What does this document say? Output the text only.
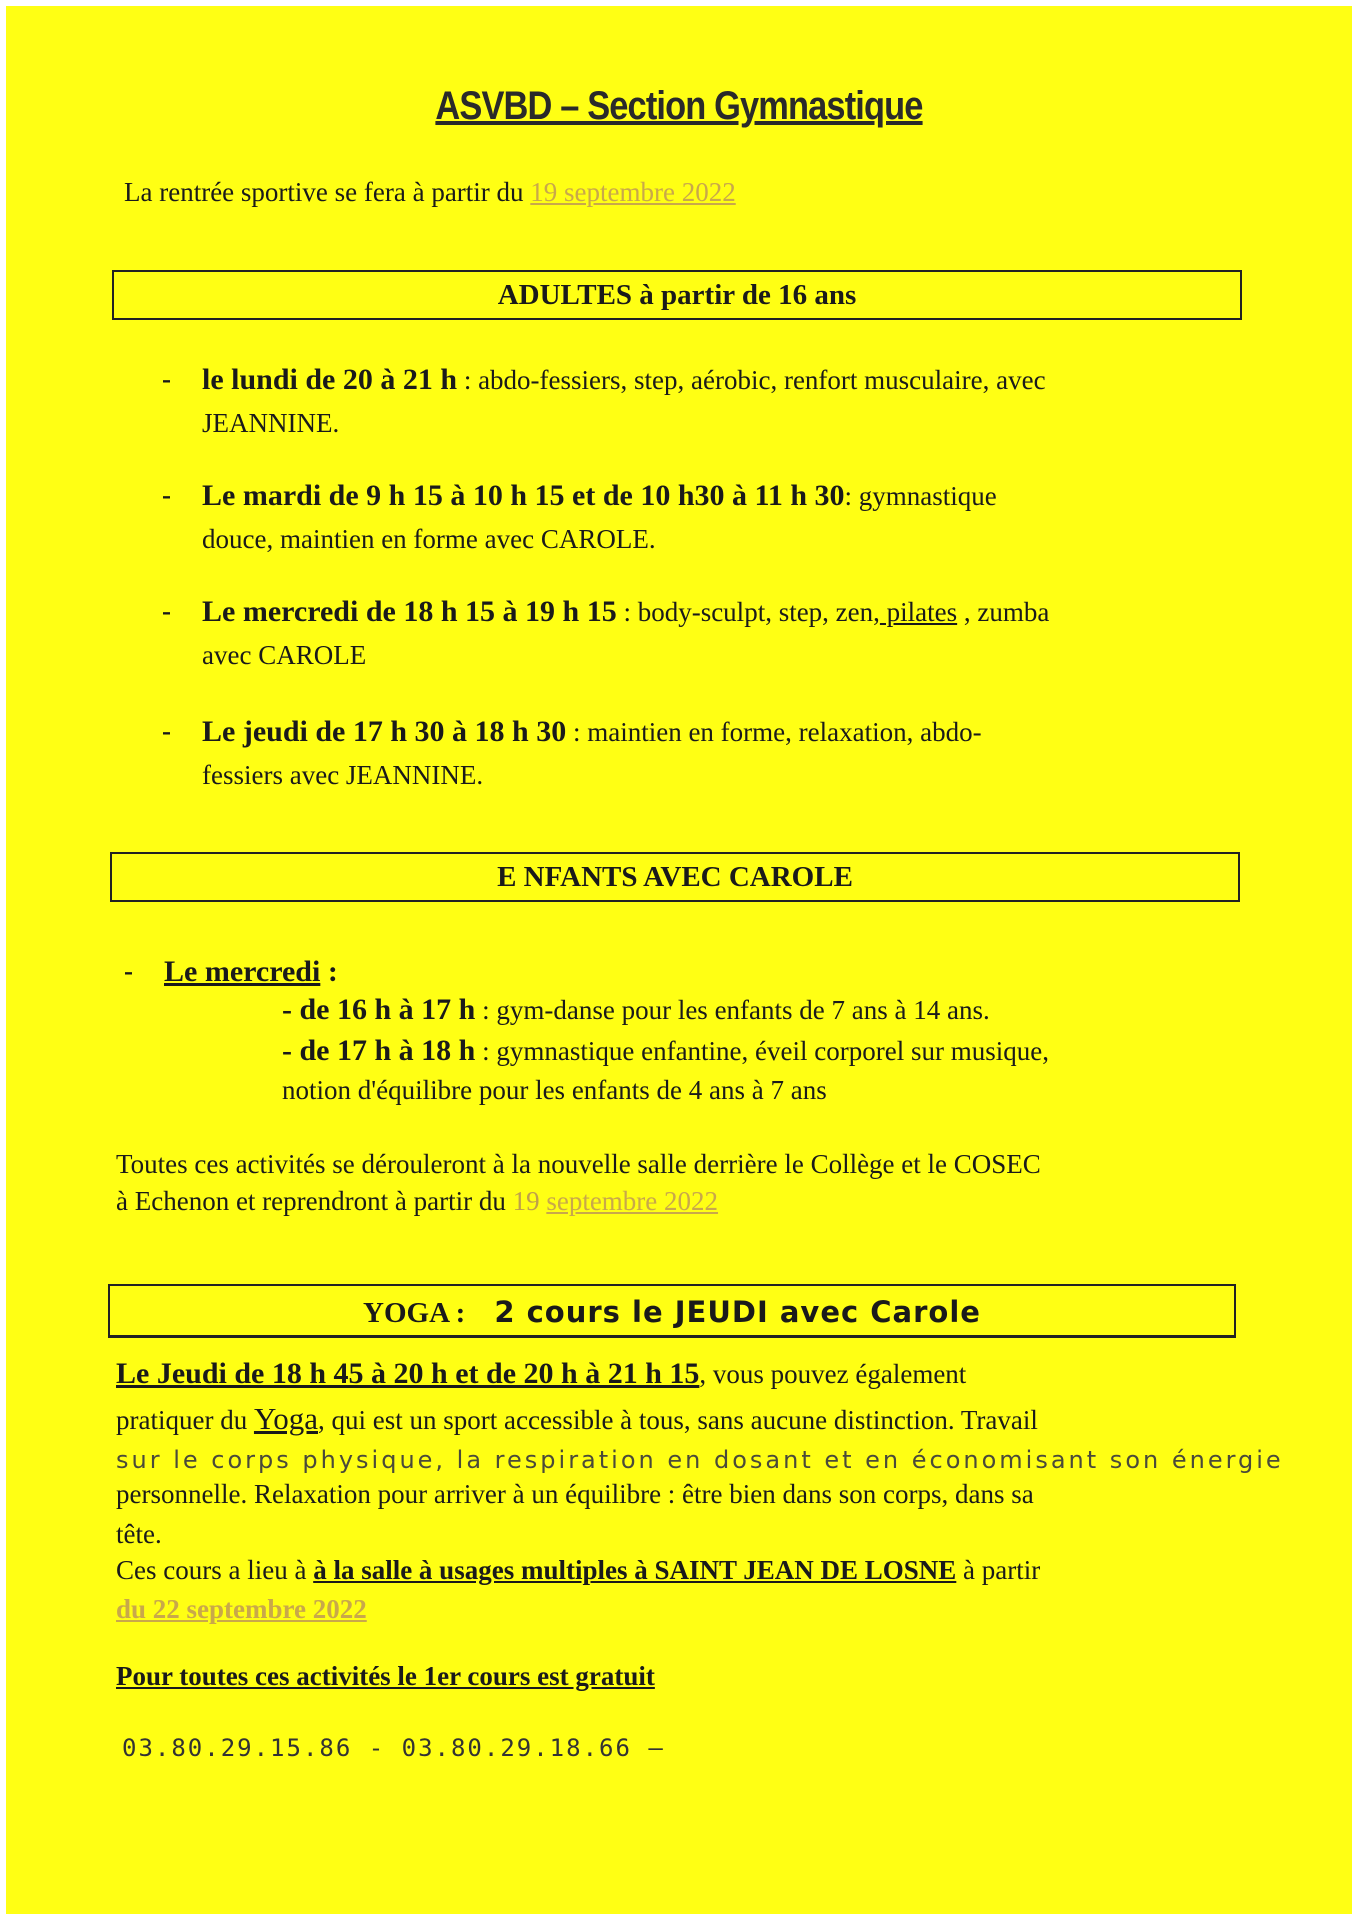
ASVBD – Section Gymnastique
La rentrée sportive se fera à partir du 19 septembre 2022
ADULTES à partir de 16 ans
- le lundi de 20 à 21 h : abdo-fessiers, step, aérobic, renfort musculaire, avec
JEANNINE.
- Le mardi de 9 h 15 à 10 h 15 et de 10 h30 à 11 h 30: gymnastique
douce, maintien en forme avec CAROLE.
- Le mercredi de 18 h 15 à 19 h 15 : body-sculpt, step, zen, pilates , zumba
avec CAROLE
- Le jeudi de 17 h 30 à 18 h 30 : maintien en forme, relaxation, abdo-
fessiers avec JEANNINE.
E NFANTS AVEC CAROLE
- Le mercredi :
- de 16 h à 17 h : gym-danse pour les enfants de 7 ans à 14 ans.
- de 17 h à 18 h : gymnastique enfantine, éveil corporel sur musique,
notion d'équilibre pour les enfants de 4 ans à 7 ans
Toutes ces activités se dérouleront à la nouvelle salle derrière le Collège et le COSEC
à Echenon et reprendront à partir du 19 septembre 2022
YOGA : 2 cours le JEUDI avec Carole
Le Jeudi de 18 h 45 à 20 h et de 20 h à 21 h 15, vous pouvez également
pratiquer du Yoga, qui est un sport accessible à tous, sans aucune distinction. Travail
sur le corps physique, la respiration en dosant et en économisant son énergie
personnelle. Relaxation pour arriver à un équilibre : être bien dans son corps, dans sa
tête.
Ces cours a lieu à à la salle à usages multiples à SAINT JEAN DE LOSNE à partir
du 22 septembre 2022
Pour toutes ces activités le 1er cours est gratuit
03.80.29.15.86 - 03.80.29.18.66 –
